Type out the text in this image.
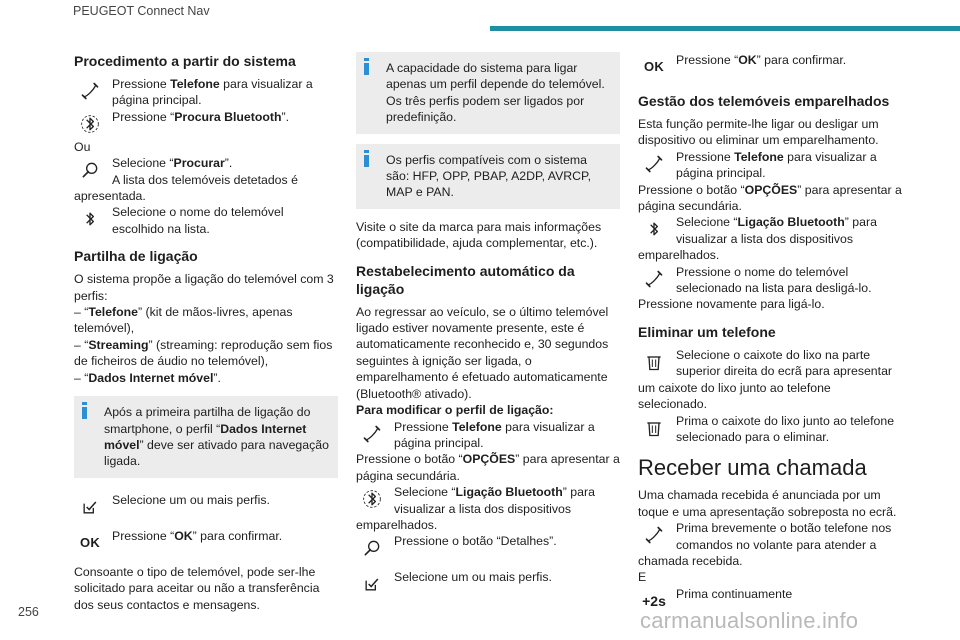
PEUGEOT Connect Nav
Procedimento a partir do sistema
Pressione Telefone para visualizar a página principal.
Pressione “Procura Bluetooth”.

Ou

Selecione “Procurar”.
A lista dos telemóveis detetados é

apresentada.

Selecione o nome do telemóvel escolhido na lista.
Partilha de ligação

O sistema propõe a ligação do telemóvel com 3 perfis:

– “Telefone” (kit de mãos-livres, apenas telemóvel),

– “Streaming” (streaming: reprodução sem fios de ficheiros de áudio no telemóvel),

– “Dados Internet móvel”.

Após a primeira partilha de ligação do smartphone, o perfil “Dados Internet móvel” deve ser ativado para navegação ligada.
Selecione um ou mais perfis.
OK Pressione “OK” para confirmar.

Consoante o tipo de telemóvel, pode ser-lhe solicitado para aceitar ou não a transferência dos seus contactos e mensagens.

A capacidade do sistema para ligar apenas um perfil depende do telemóvel. Os três perfis podem ser ligados por predefinição.
Os perfis compatíveis com o sistema são: HFP, OPP, PBAP, A2DP, AVRCP, MAP e PAN.

Visite o site da marca para mais informações (compatibilidade, ajuda complementar, etc.).

Restabelecimento automático da ligação

Ao regressar ao veículo, se o último telemóvel ligado estiver novamente presente, este é automaticamente reconhecido e, 30 segundos seguintes à ignição ser ligada, o emparelhamento é efetuado automaticamente (Bluetooth® ativado).

Para modificar o perfil de ligação:

Pressione Telefone para visualizar a página principal.

Pressione o botão “OPÇÕES” para apresentar a página secundária.

Selecione “Ligação Bluetooth” para visualizar a lista dos dispositivos

emparelhados.

Pressione o botão “Detalhes”.
Selecione um ou mais perfis.
OK Pressione “OK” para confirmar.
Gestão dos telemóveis emparelhados

Esta função permite-lhe ligar ou desligar um dispositivo ou eliminar um emparelhamento.

Pressione Telefone para visualizar a página principal.

Pressione o botão “OPÇÕES” para apresentar a página secundária.

Selecione “Ligação Bluetooth” para visualizar a lista dos dispositivos

emparelhados.

Pressione o nome do telemóvel selecionado na lista para desligá-lo.

Pressione novamente para ligá-lo.

Eliminar um telefone
Selecione o caixote do lixo na parte superior direita do ecrã para apresentar

um caixote do lixo junto ao telefone selecionado.

Prima o caixote do lixo junto ao telefone selecionado para o eliminar.
Receber uma chamada

Uma chamada recebida é anunciada por um toque e uma apresentação sobreposta no ecrã.

Prima brevemente o botão telefone nos comandos no volante para atender a

chamada recebida.

E

+2s Prima continuamente
256	carmanualsonline.info
